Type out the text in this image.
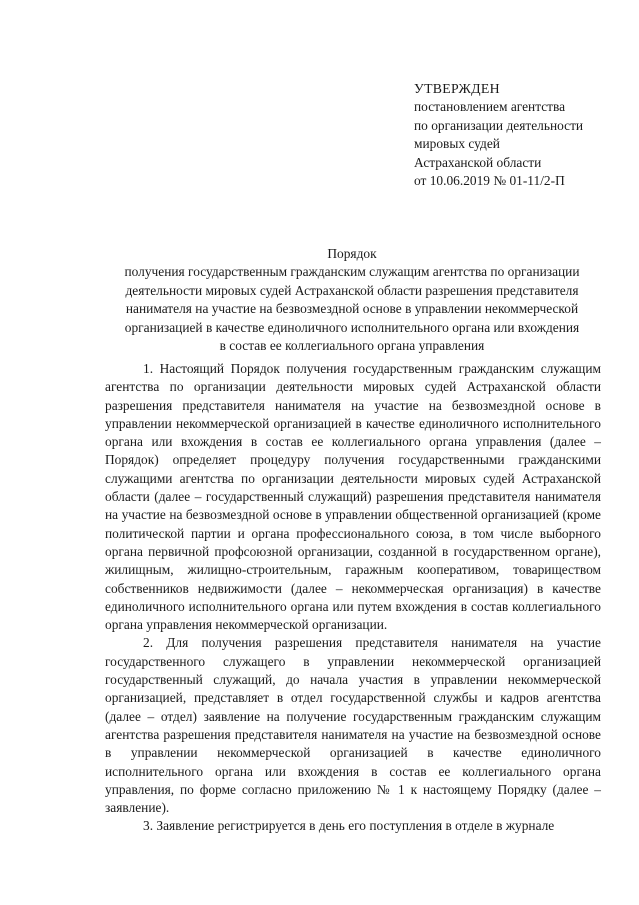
УТВЕРЖДЕН
постановлением агентства
по организации деятельности
мировых судей
Астраханской области
от 10.06.2019 № 01-11/2-П
Порядок
получения государственным гражданским служащим агентства по организации
деятельности мировых судей Астраханской области разрешения представителя
нанимателя на участие на безвозмездной основе в управлении некоммерческой
организацией в качестве единоличного исполнительного органа или вхождения
в состав ее коллегиального органа управления

1. Настоящий Порядок получения государственным гражданским служащим агентства по организации деятельности мировых судей Астраханской области разрешения представителя нанимателя на участие на безвозмездной основе в управлении некоммерческой организацией в качестве единоличного исполнительного органа или вхождения в состав ее коллегиального органа управления (далее – Порядок) определяет процедуру получения государственными гражданскими служащими агентства по организации деятельности мировых судей Астраханской области (далее – государственный служащий) разрешения представителя нанимателя на участие на безвозмездной основе в управлении общественной организацией (кроме политической партии и органа профессионального союза, в том числе выборного органа первичной профсоюзной организации, созданной в государственном органе), жилищным, жилищно-строительным, гаражным кооперативом, товариществом собственников недвижимости (далее – некоммерческая организация) в качестве единоличного исполнительного органа или путем вхождения в состав коллегиального органа управления некоммерческой организации.

2. Для получения разрешения представителя нанимателя на участие государственного служащего в управлении некоммерческой организацией государственный служащий, до начала участия в управлении некоммерческой организацией, представляет в отдел государственной службы и кадров агентства (далее – отдел) заявление на получение государственным гражданским служащим агентства разрешения представителя нанимателя на участие на безвозмездной основе в управлении некоммерческой организацией в качестве единоличного исполнительного органа или вхождения в состав ее коллегиального органа управления, по форме согласно приложению № 1 к настоящему Порядку (далее – заявление).

3. Заявление регистрируется в день его поступления в отделе в журнале
